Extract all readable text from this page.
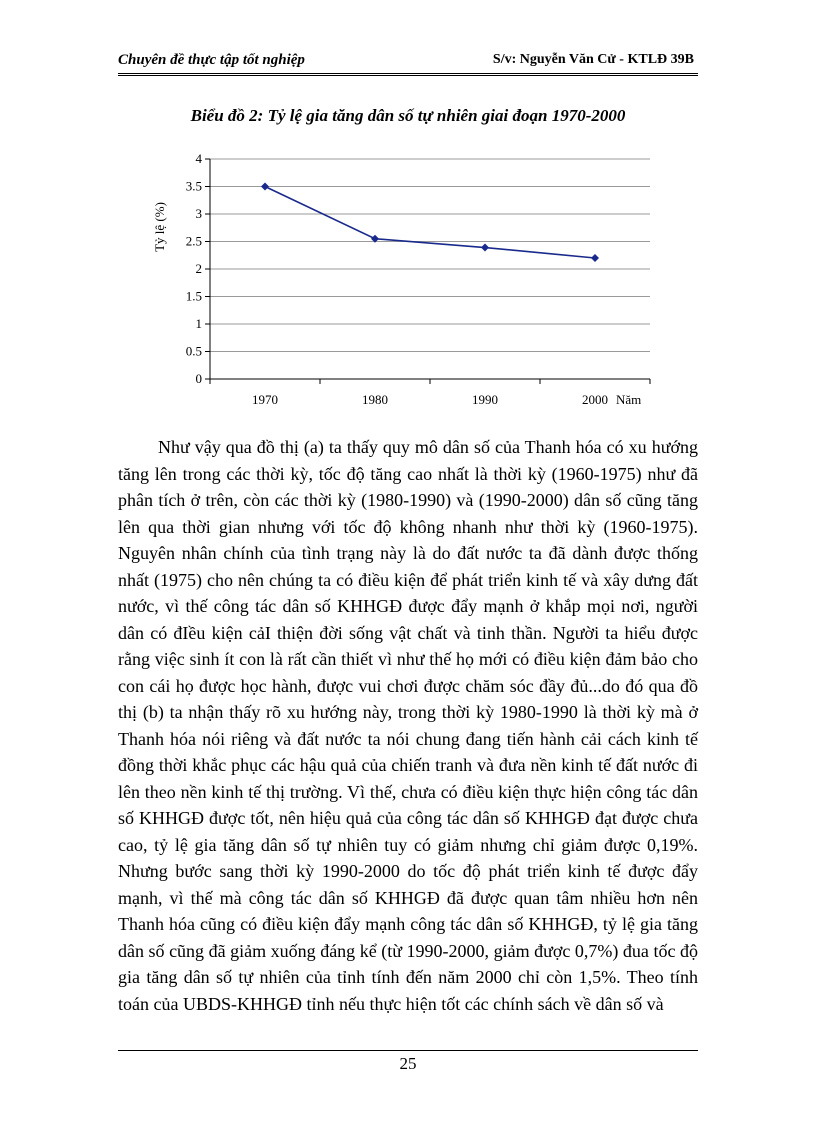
Chuyên đề thực tập tốt nghiệp	S/v: Nguyễn Văn Cử - KTLĐ 39B
Biểu đồ 2: Tỷ lệ gia tăng dân số tự nhiên giai đoạn 1970-2000
0
0.5
1
1.5
2
2.5
3
3.5
4
1970	1980	1990	2000 Năm
Tỷ lệ (%)

Như vậy qua đồ thị (a) ta thấy quy mô dân số của Thanh hóa có xu hướng tăng lên trong các thời kỳ, tốc độ tăng cao nhất là thời kỳ (1960-1975) như đã phân tích ở trên, còn các thời kỳ (1980-1990) và (1990-2000) dân số cũng tăng lên qua thời gian nhưng với tốc độ không nhanh như thời kỳ (1960-1975). Nguyên nhân chính của tình trạng này là do đất nước ta đã dành được thống nhất (1975) cho nên chúng ta có điều kiện để phát triển kinh tế và xây dưng đất nước, vì thế công tác dân số KHHGĐ được đẩy mạnh ở khắp mọi nơi, người dân có đIều kiện cảI thiện đời sống vật chất và tinh thần. Người ta hiểu được rằng việc sinh ít con là rất cần thiết vì như thế họ mới có điều kiện đảm bảo cho con cái họ được học hành, được vui chơi được chăm sóc đầy đủ...do đó qua đồ thị (b) ta nhận thấy rõ xu hướng này, trong thời kỳ 1980-1990 là thời kỳ mà ở Thanh hóa nói riêng và đất nước ta nói chung đang tiến hành cải cách kinh tế đồng thời khắc phục các hậu quả của chiến tranh và đưa nền kinh tế đất nước đi lên theo nền kinh tế thị trường. Vì thế, chưa có điều kiện thực hiện công tác dân số KHHGĐ được tốt, nên hiệu quả của công tác dân số KHHGĐ đạt được chưa cao, tỷ lệ gia tăng dân số tự nhiên tuy có giảm nhưng chỉ giảm được 0,19%. Nhưng bước sang thời kỳ 1990-2000 do tốc độ phát triển kinh tế được đẩy mạnh, vì thế mà công tác dân số KHHGĐ đã được quan tâm nhiều hơn nên Thanh hóa cũng có điều kiện đẩy mạnh công tác dân số KHHGĐ, tỷ lệ gia tăng dân số cũng đã giảm xuống đáng kể (từ 1990-2000, giảm được 0,7%) đua tốc độ gia tăng dân số tự nhiên của tỉnh tính đến năm 2000 chỉ còn 1,5%. Theo tính toán của UBDS-KHHGĐ tỉnh nếu thực hiện tốt các chính sách về dân số và

25
